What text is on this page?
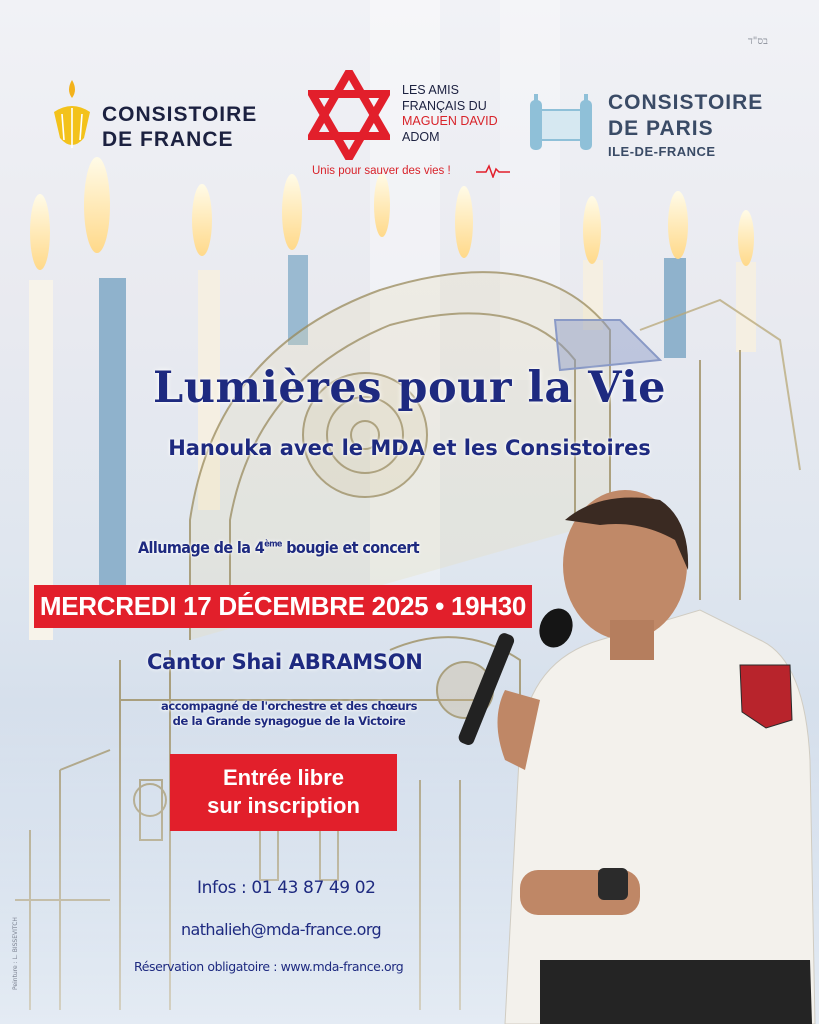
בס"ד
CONSISTOIRE
DE FRANCE
LES AMIS
FRANÇAIS DU
MAGUEN DAVID
ADOM
Unis pour sauver des vies !
CONSISTOIRE
DE PARIS
ILE-DE-FRANCE
Lumières pour la Vie
Hanouka avec le MDA et les Consistoires
Allumage de la 4ème bougie et concert
MERCREDI 17 DÉCEMBRE 2025 • 19H30
Cantor Shai ABRAMSON
accompagné de l'orchestre et des chœurs
de la Grande synagogue de la Victoire
Entrée libre
sur inscription
Infos : 01 43 87 49 02
nathalieh@mda-france.org
Réservation obligatoire : www.mda-france.org
Peinture : L. BISSEVITCH
